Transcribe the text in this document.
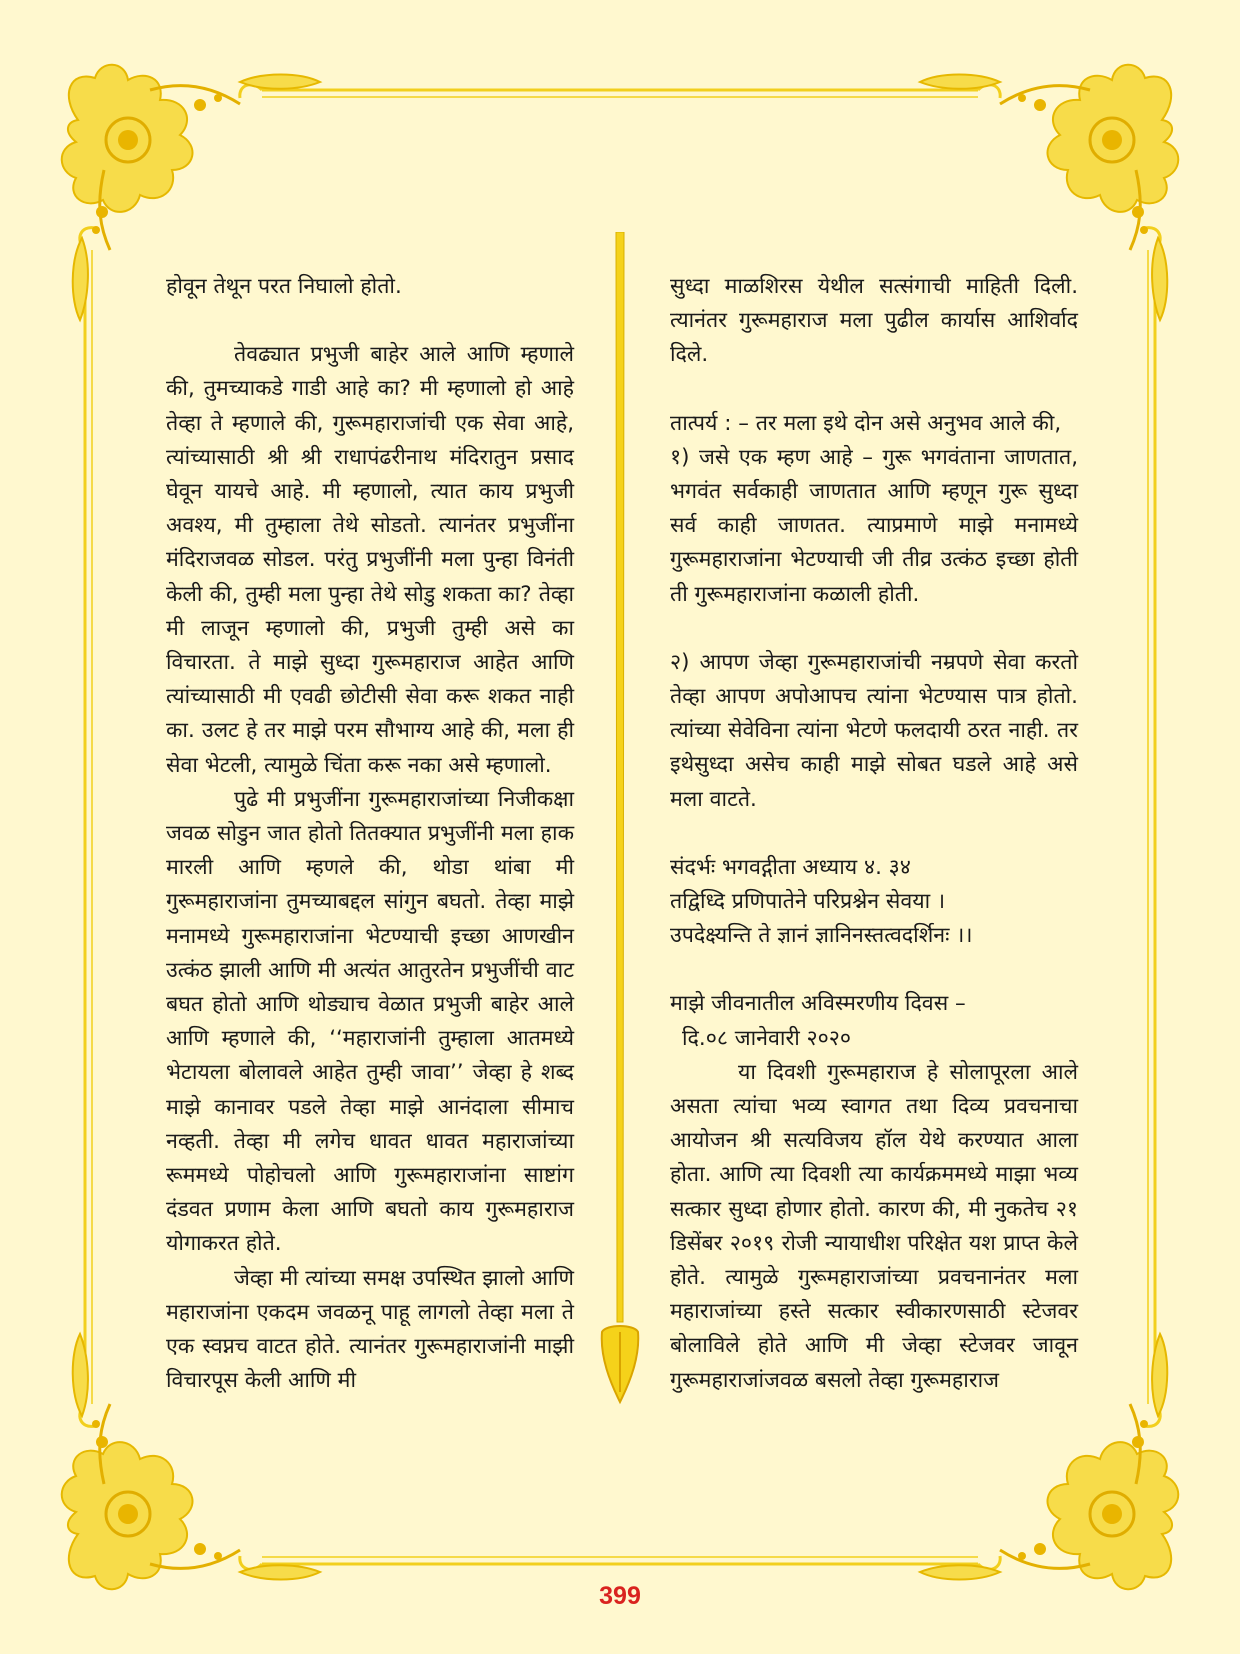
होवून तेथून परत निघालो होतो.

तेवढ्यात प्रभुजी बाहेर आले आणि म्हणाले की, तुमच्याकडे गाडी आहे का? मी म्हणालो हो आहे तेव्हा ते म्हणाले की, गुरूमहाराजांची एक सेवा आहे, त्यांच्यासाठी श्री श्री राधापंढरीनाथ मंदिरातुन प्रसाद घेवून यायचे आहे. मी म्हणालो, त्यात काय प्रभुजी अवश्य, मी तुम्हाला तेथे सोडतो. त्यानंतर प्रभुजींना मंदिराजवळ सोडल. परंतु प्रभुजींनी मला पुन्हा विनंती केली की, तुम्ही मला पुन्हा तेथे सोडु शकता का? तेव्हा मी लाजून म्हणालो की, प्रभुजी तुम्ही असे का विचारता. ते माझे सुध्दा गुरूमहाराज आहेत आणि त्यांच्यासाठी मी एवढी छोटीसी सेवा करू शकत नाही का. उलट हे तर माझे परम सौभाग्य आहे की, मला ही सेवा भेटली, त्यामुळे चिंता करू नका असे म्हणालो.

पुढे मी प्रभुजींना गुरूमहाराजांच्या निजीकक्षा जवळ सोडुन जात होतो तितक्यात प्रभुजींनी मला हाक मारली आणि म्हणले की, थोडा थांबा मी गुरूमहाराजांना तुमच्याबद्दल सांगुन बघतो. तेव्हा माझे मनामध्ये गुरूमहाराजांना भेटण्याची इच्छा आणखीन उत्कंठ झाली आणि मी अत्यंत आतुरतेन प्रभुजींची वाट बघत होतो आणि थोड्याच वेळात प्रभुजी बाहेर आले आणि म्हणाले की, ‘‘महाराजांनी तुम्हाला आतमध्ये भेटायला बोलावले आहेत तुम्ही जावा’’ जेव्हा हे शब्द माझे कानावर पडले तेव्हा माझे आनंदाला सीमाच नव्हती. तेव्हा मी लगेच धावत धावत महाराजांच्या रूममध्ये पोहोचलो आणि गुरूमहाराजांना साष्टांग दंडवत प्रणाम केला आणि बघतो काय गुरूमहाराज योगाकरत होते.

जेव्हा मी त्यांच्या समक्ष उपस्थित झालो आणि महाराजांना एकदम जवळनू पाहू लागलो तेव्हा मला ते एक स्वप्नच वाटत होते. त्यानंतर गुरूमहाराजांनी माझी विचारपूस केली आणि मी

सुध्दा माळशिरस येथील सत्संगाची माहिती दिली. त्यानंतर गुरूमहाराज मला पुढील कार्यास आशिर्वाद दिले.

तात्पर्य : – तर मला इथे दोन असे अनुभव आले की,

१) जसे एक म्हण आहे – गुरू भगवंताना जाणतात, भगवंत सर्वकाही जाणतात आणि म्हणून गुरू सुध्दा सर्व काही जाणतत. त्याप्रमाणे माझे मनामध्ये गुरूमहाराजांना भेटण्याची जी तीव्र उत्कंठ इच्छा होती ती गुरूमहाराजांना कळाली होती.

२) आपण जेव्हा गुरूमहाराजांची नम्रपणे सेवा करतो तेव्हा आपण अपोआपच त्यांना भेटण्यास पात्र होतो. त्यांच्या सेवेविना त्यांना भेटणे फलदायी ठरत नाही. तर इथेसुध्दा असेच काही माझे सोबत घडले आहे असे मला वाटते.

संदर्भः भगवद्गीता अध्याय ४. ३४

तद्विध्दि प्रणिपातेने परिप्रश्नेन सेवया ।

उपदेक्ष्यन्ति ते ज्ञानं ज्ञानिनस्तत्वदर्शिनः ।।

माझे जीवनातील अविस्मरणीय दिवस –

दि.०८ जानेवारी २०२०

या दिवशी गुरूमहाराज हे सोलापूरला आले असता त्यांचा भव्य स्वागत तथा दिव्य प्रवचनाचा आयोजन श्री सत्यविजय हॉल येथे करण्यात आला होता. आणि त्या दिवशी त्या कार्यक्रममध्ये माझा भव्य सत्कार सुध्दा होणार होतो. कारण की, मी नुकतेच २१ डिसेंबर २०१९ रोजी न्यायाधीश परिक्षेत यश प्राप्त केले होते. त्यामुळे गुरूमहाराजांच्या प्रवचनानंतर मला महाराजांच्या हस्ते सत्कार स्वीकारणसाठी स्टेजवर बोलाविले होते आणि मी जेव्हा स्टेजवर जावून गुरूमहाराजांजवळ बसलो तेव्हा गुरूमहाराज

399
